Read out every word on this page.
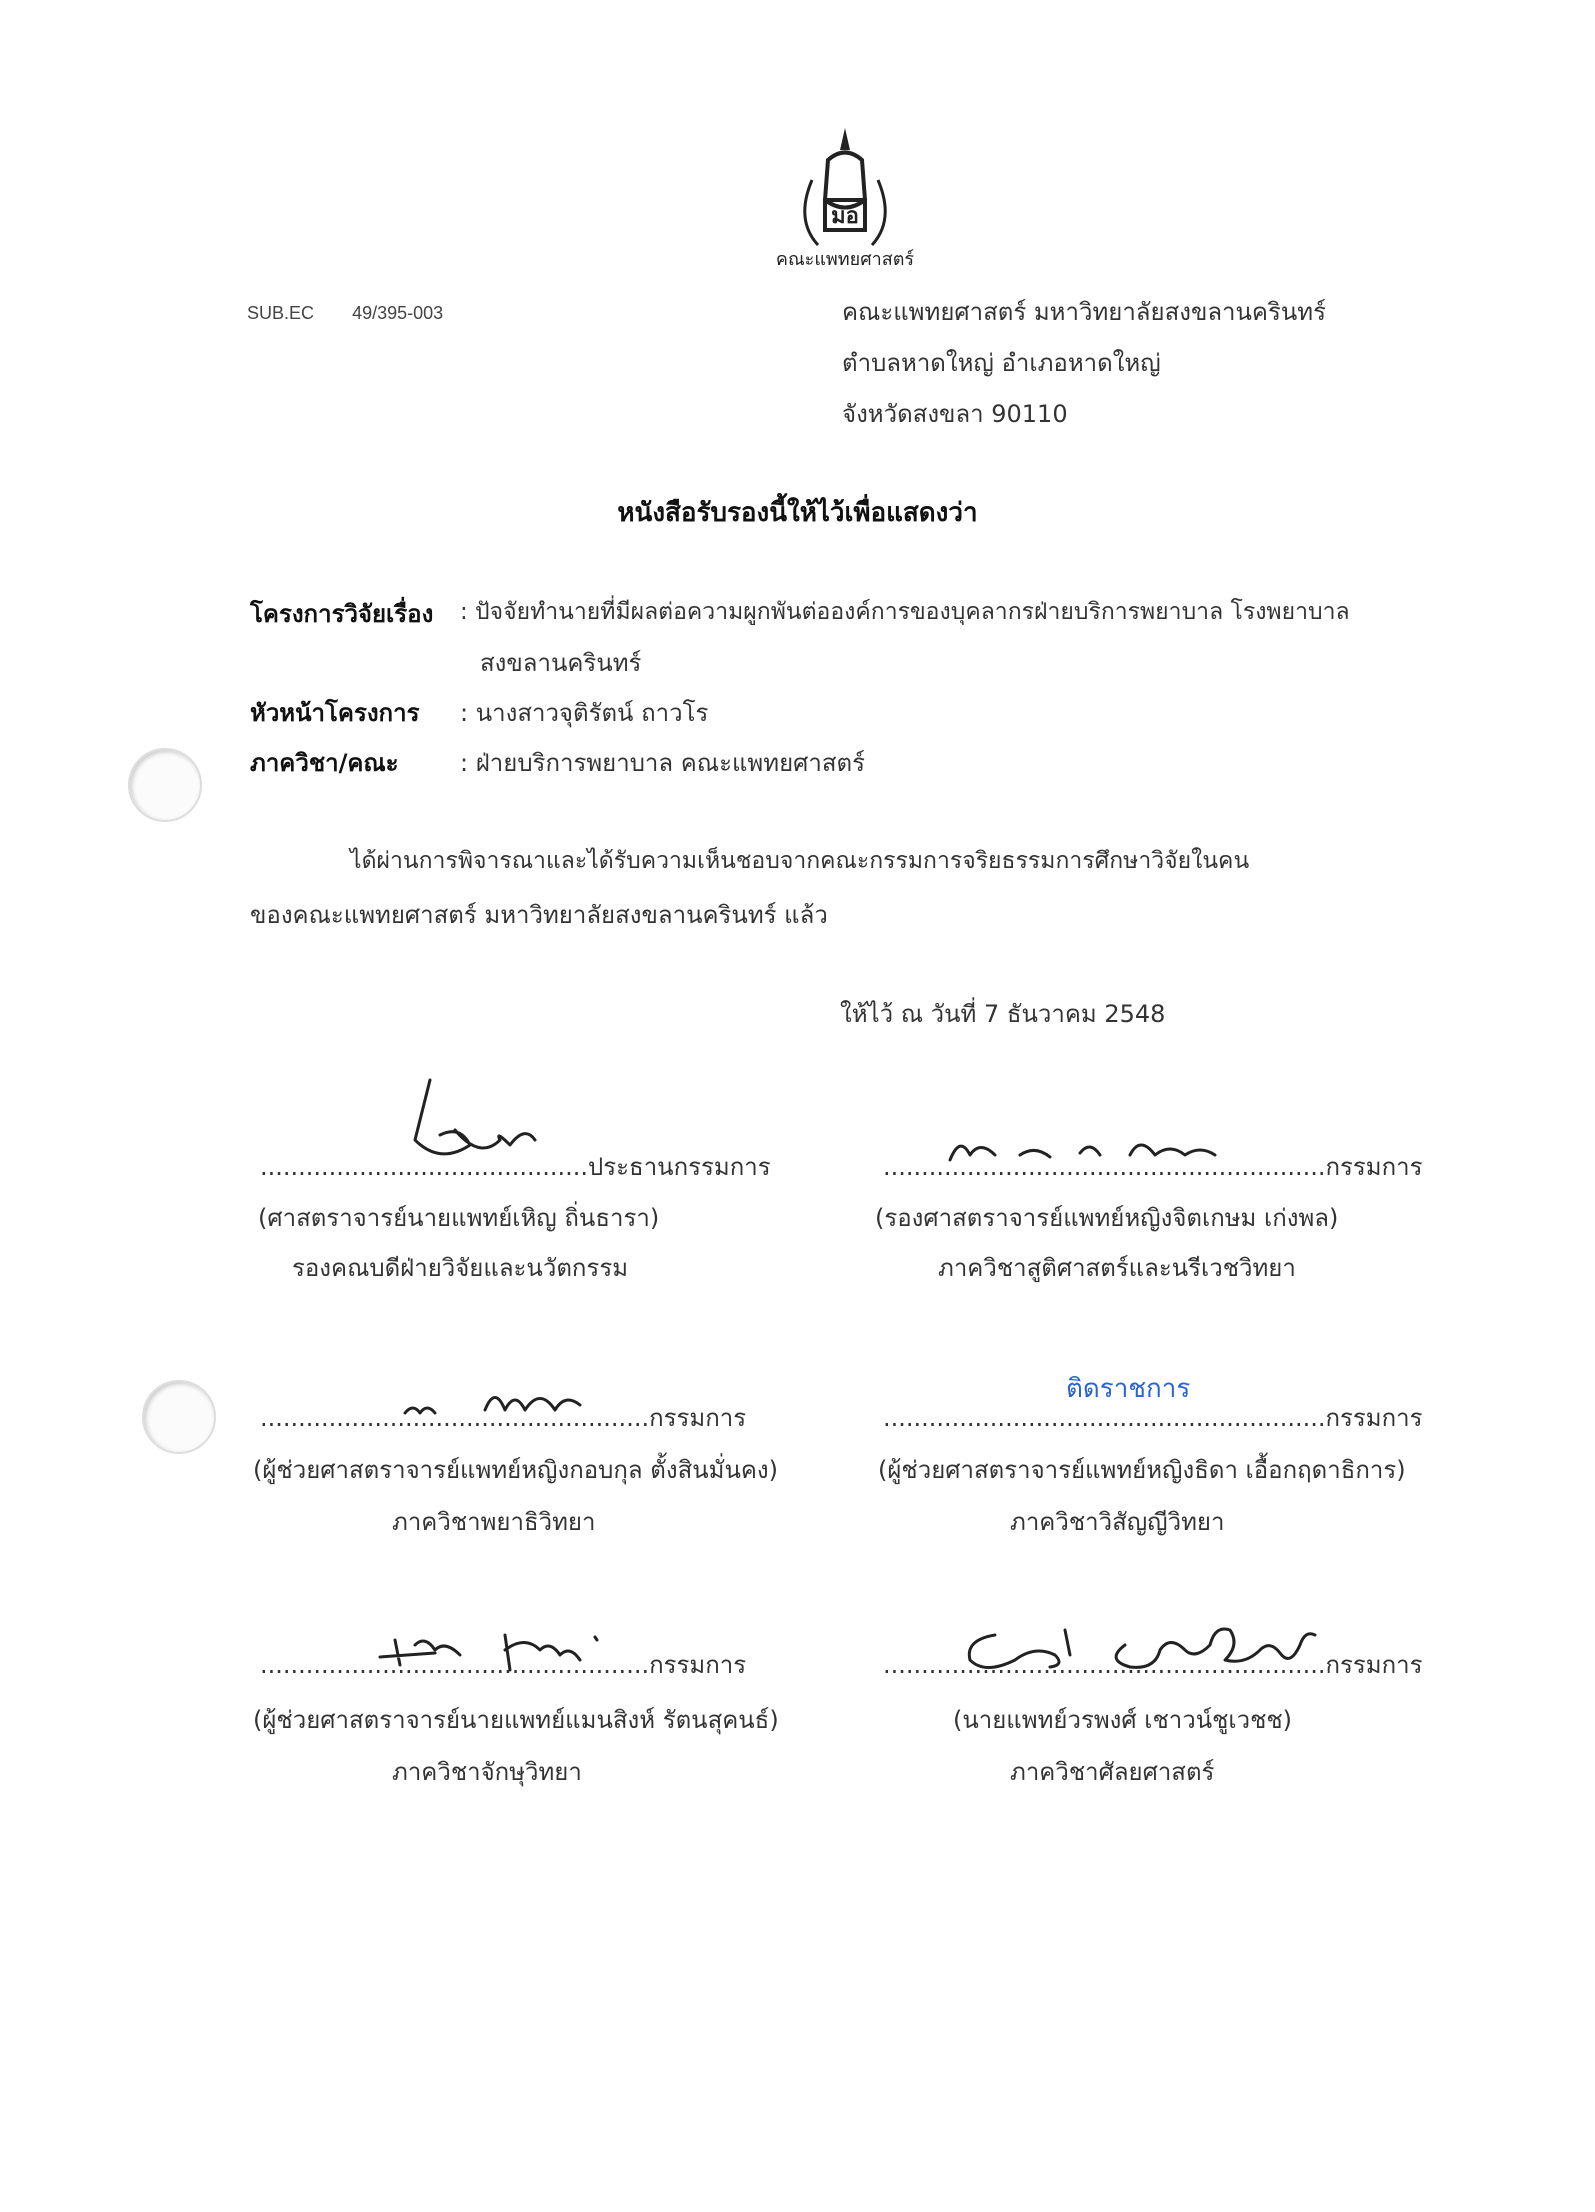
มอ
คณะแพทยศาสตร์
SUB.EC 49/395-003	คณะแพทยศาสตร์ มหาวิทยาลัยสงขลานครินทร์
ตำบลหาดใหญ่ อำเภอหาดใหญ่
จังหวัดสงขลา 90110
หนังสือรับรองนี้ให้ไว้เพื่อแสดงว่า
โครงการวิจัยเรื่อง : ปัจจัยทำนายที่มีผลต่อความผูกพันต่อองค์การของบุคลากรฝ่ายบริการพยาบาล โรงพยาบาล
สงขลานครินทร์
หัวหน้าโครงการ : นางสาวจุติรัตน์ ถาวโร
ภาควิชา/คณะ	: ฝ่ายบริการพยาบาล คณะแพทยศาสตร์
ได้ผ่านการพิจารณาและได้รับความเห็นชอบจากคณะกรรมการจริยธรรมการศึกษาวิจัยในคน
ของคณะแพทยศาสตร์ มหาวิทยาลัยสงขลานครินทร์ แล้ว
ให้ไว้ ณ วันที่ 7 ธันวาคม 2548
...........................................ประธานกรรมการ
(ศาสตราจารย์นายแพทย์เหิญ ถิ่นธารา)
รองคณบดีฝ่ายวิจัยและนวัตกรรม
..........................................................กรรมการ
(รองศาสตราจารย์แพทย์หญิงจิตเกษม เก่งพล)
ภาควิชาสูติศาสตร์และนรีเวชวิทยา
...................................................กรรมการ
(ผู้ช่วยศาสตราจารย์แพทย์หญิงกอบกุล ตั้งสินมั่นคง)
ภาควิชาพยาธิวิทยา
ติดราชการ
..........................................................กรรมการ
(ผู้ช่วยศาสตราจารย์แพทย์หญิงธิดา เอื้อกฤดาธิการ)
ภาควิชาวิสัญญีวิทยา
...................................................กรรมการ
(ผู้ช่วยศาสตราจารย์นายแพทย์แมนสิงห์ รัตนสุคนธ์)
ภาควิชาจักษุวิทยา
..........................................................กรรมการ
(นายแพทย์วรพงศ์ เชาวน์ชูเวชช)
ภาควิชาศัลยศาสตร์
